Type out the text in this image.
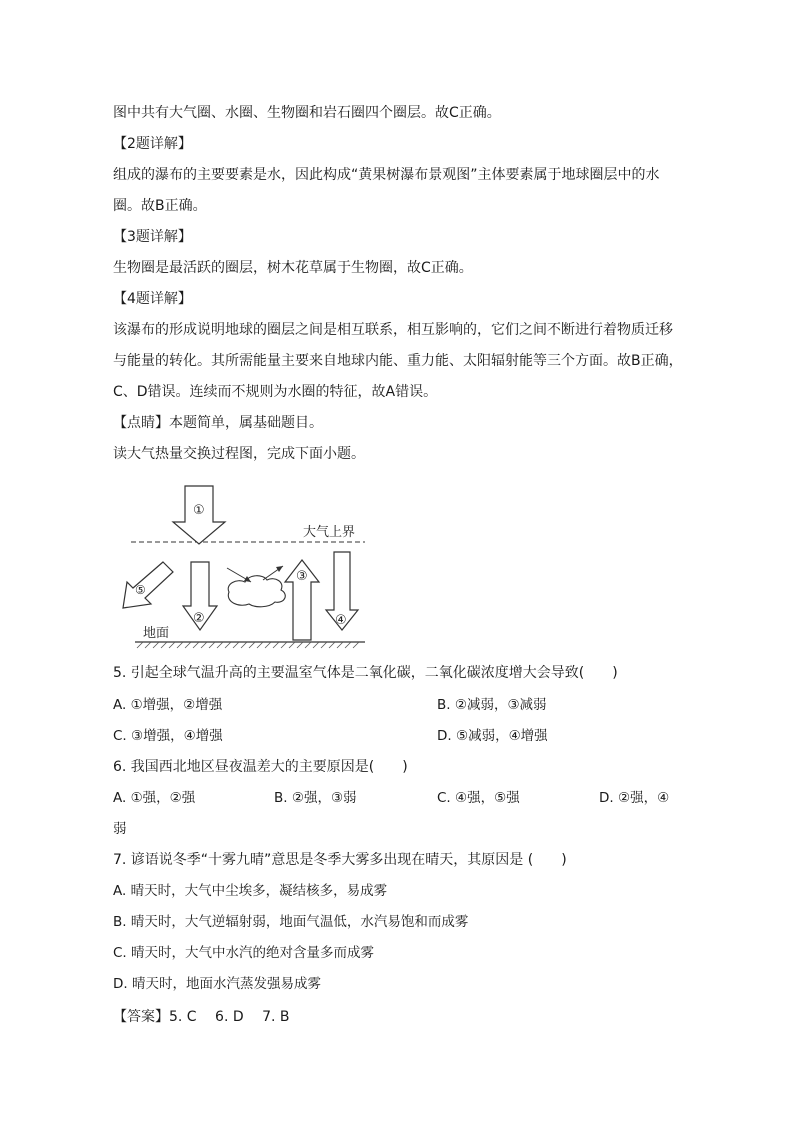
图中共有大气圈、水圈、生物圈和岩石圈四个圈层。故C正确。
【2题详解】
组成的瀑布的主要要素是水，因此构成“黄果树瀑布景观图”主体要素属于地球圈层中的水
圈。故B正确。
【3题详解】
生物圈是最活跃的圈层，树木花草属于生物圈，故C正确。
【4题详解】
该瀑布的形成说明地球的圈层之间是相互联系，相互影响的，它们之间不断进行着物质迁移
与能量的转化。其所需能量主要来自地球内能、重力能、太阳辐射能等三个方面。故B正确，
C、D错误。连续而不规则为水圈的特征，故A错误。
【点睛】本题简单，属基础题目。
读大气热量交换过程图，完成下面小题。
大气上界
①
②
③
④
⑤
地面
5. 引起全球气温升高的主要温室气体是二氧化碳，二氧化碳浓度增大会导致(　　)
A. ①增强，②增强	B. ②减弱，③减弱
C. ③增强，④增强	D. ⑤减弱，④增强
6. 我国西北地区昼夜温差大的主要原因是(　　)
A. ①强，②强	B. ②强，③弱	C. ④强，⑤强	D. ②强，④
弱
7. 谚语说冬季“十雾九晴”意思是冬季大雾多出现在晴天，其原因是 (　　)
A. 晴天时，大气中尘埃多，凝结核多，易成雾
B. 晴天时，大气逆辐射弱，地面气温低，水汽易饱和而成雾
C. 晴天时，大气中水汽的绝对含量多而成雾
D. 晴天时，地面水汽蒸发强易成雾
【答案】5. C　 6. D　 7. B
